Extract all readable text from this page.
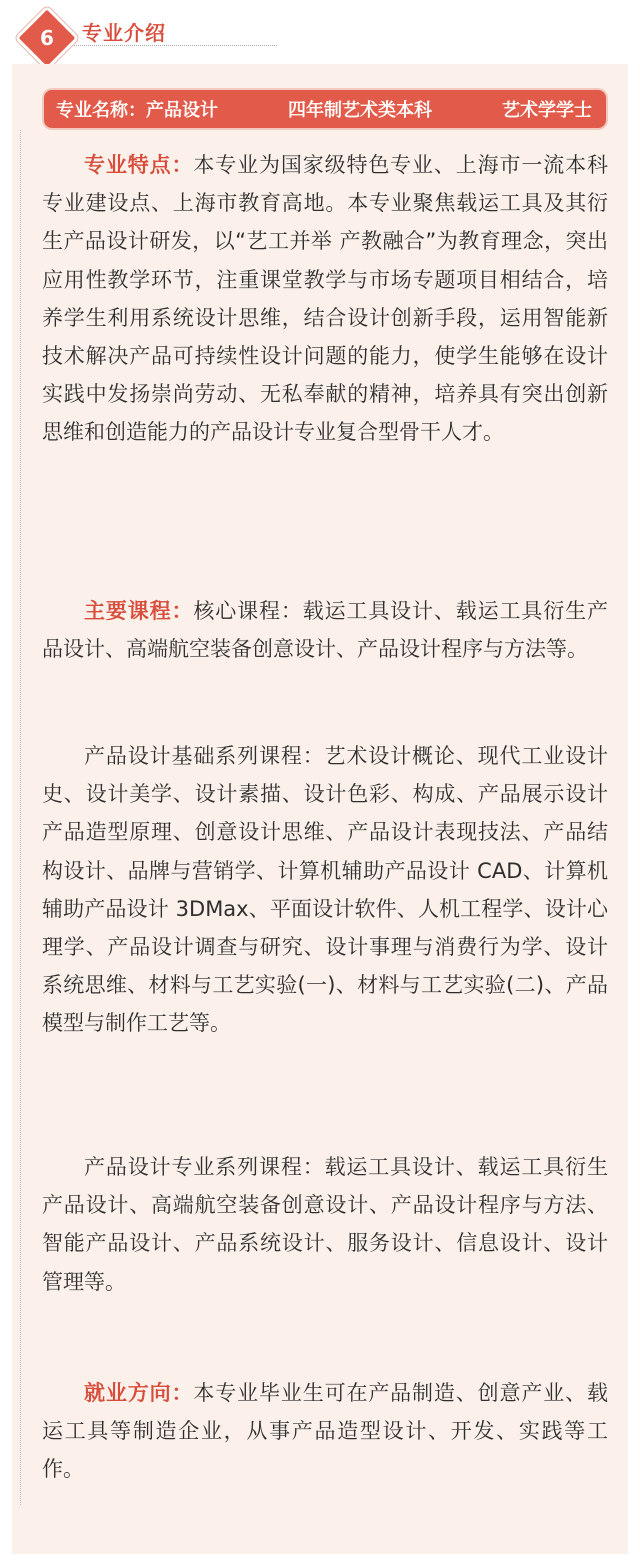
6	专业介绍
专业名称：产品设计	四年制艺术类本科	艺术学学士

专业特点：本专业为国家级特色专业、上海市一流本科专业建设点、上海市教育高地。本专业聚焦载运工具及其衍生产品设计研发，以“艺工并举 产教融合”为教育理念，突出应用性教学环节，注重课堂教学与市场专题项目相结合，培养学生利用系统设计思维，结合设计创新手段，运用智能新技术解决产品可持续性设计问题的能力，使学生能够在设计实践中发扬崇尚劳动、无私奉献的精神，培养具有突出创新思维和创造能力的产品设计专业复合型骨干人才。

主要课程：核心课程：载运工具设计、载运工具衍生产品设计、高端航空装备创意设计、产品设计程序与方法等。

产品设计基础系列课程：艺术设计概论、现代工业设计史、设计美学、设计素描、设计色彩、构成、产品展示设计产品造型原理、创意设计思维、产品设计表现技法、产品结构设计、品牌与营销学、计算机辅助产品设计 CAD、计算机辅助产品设计 3DMax、平面设计软件、人机工程学、设计心理学、产品设计调查与研究、设计事理与消费行为学、设计系统思维、材料与工艺实验(一)、材料与工艺实验(二)、产品模型与制作工艺等。

产品设计专业系列课程：载运工具设计、载运工具衍生产品设计、高端航空装备创意设计、产品设计程序与方法、智能产品设计、产品系统设计、服务设计、信息设计、设计管理等。

就业方向：本专业毕业生可在产品制造、创意产业、载运工具等制造企业，从事产品造型设计、开发、实践等工作。
